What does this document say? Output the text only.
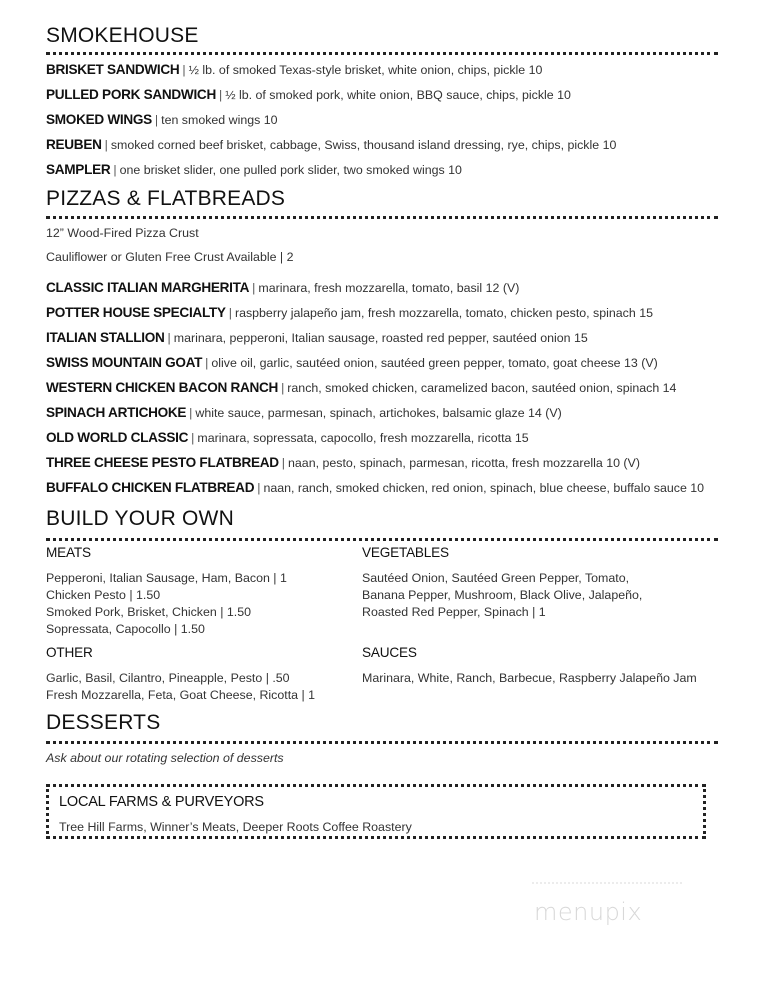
SMOKEHOUSE
BRISKET SANDWICH | ½ lb. of smoked Texas-style brisket, white onion, chips, pickle 10
PULLED PORK SANDWICH | ½ lb. of smoked pork, white onion, BBQ sauce, chips, pickle 10
SMOKED WINGS | ten smoked wings 10
REUBEN | smoked corned beef brisket, cabbage, Swiss, thousand island dressing, rye, chips, pickle 10
SAMPLER | one brisket slider, one pulled pork slider, two smoked wings 10
PIZZAS & FLATBREADS
12” Wood-Fired Pizza Crust
Cauliflower or Gluten Free Crust Available | 2
CLASSIC ITALIAN MARGHERITA | marinara, fresh mozzarella, tomato, basil 12 (V)
POTTER HOUSE SPECIALTY | raspberry jalapeño jam, fresh mozzarella, tomato, chicken pesto, spinach 15
ITALIAN STALLION | marinara, pepperoni, Italian sausage, roasted red pepper, sautéed onion 15
SWISS MOUNTAIN GOAT | olive oil, garlic, sautéed onion, sautéed green pepper, tomato, goat cheese 13 (V)
WESTERN CHICKEN BACON RANCH | ranch, smoked chicken, caramelized bacon, sautéed onion, spinach 14
SPINACH ARTICHOKE | white sauce, parmesan, spinach, artichokes, balsamic glaze 14 (V)
OLD WORLD CLASSIC | marinara, sopressata, capocollo, fresh mozzarella, ricotta 15
THREE CHEESE PESTO FLATBREAD | naan, pesto, spinach, parmesan, ricotta, fresh mozzarella 10 (V)
BUFFALO CHICKEN FLATBREAD | naan, ranch, smoked chicken, red onion, spinach, blue cheese, buffalo sauce 10
BUILD YOUR OWN
MEATS
Pepperoni, Italian Sausage, Ham, Bacon | 1
Chicken Pesto | 1.50
Smoked Pork, Brisket, Chicken | 1.50
Sopressata, Capocollo | 1.50
VEGETABLES
Sautéed Onion, Sautéed Green Pepper, Tomato,
Banana Pepper, Mushroom, Black Olive, Jalapeño,
Roasted Red Pepper, Spinach | 1
OTHER
Garlic, Basil, Cilantro, Pineapple, Pesto | .50
Fresh Mozzarella, Feta, Goat Cheese, Ricotta | 1
SAUCES
Marinara, White, Ranch, Barbecue, Raspberry Jalapeño Jam
DESSERTS
Ask about our rotating selection of desserts
LOCAL FARMS & PURVEYORS
Tree Hill Farms, Winner’s Meats, Deeper Roots Coffee Roastery
menupix
